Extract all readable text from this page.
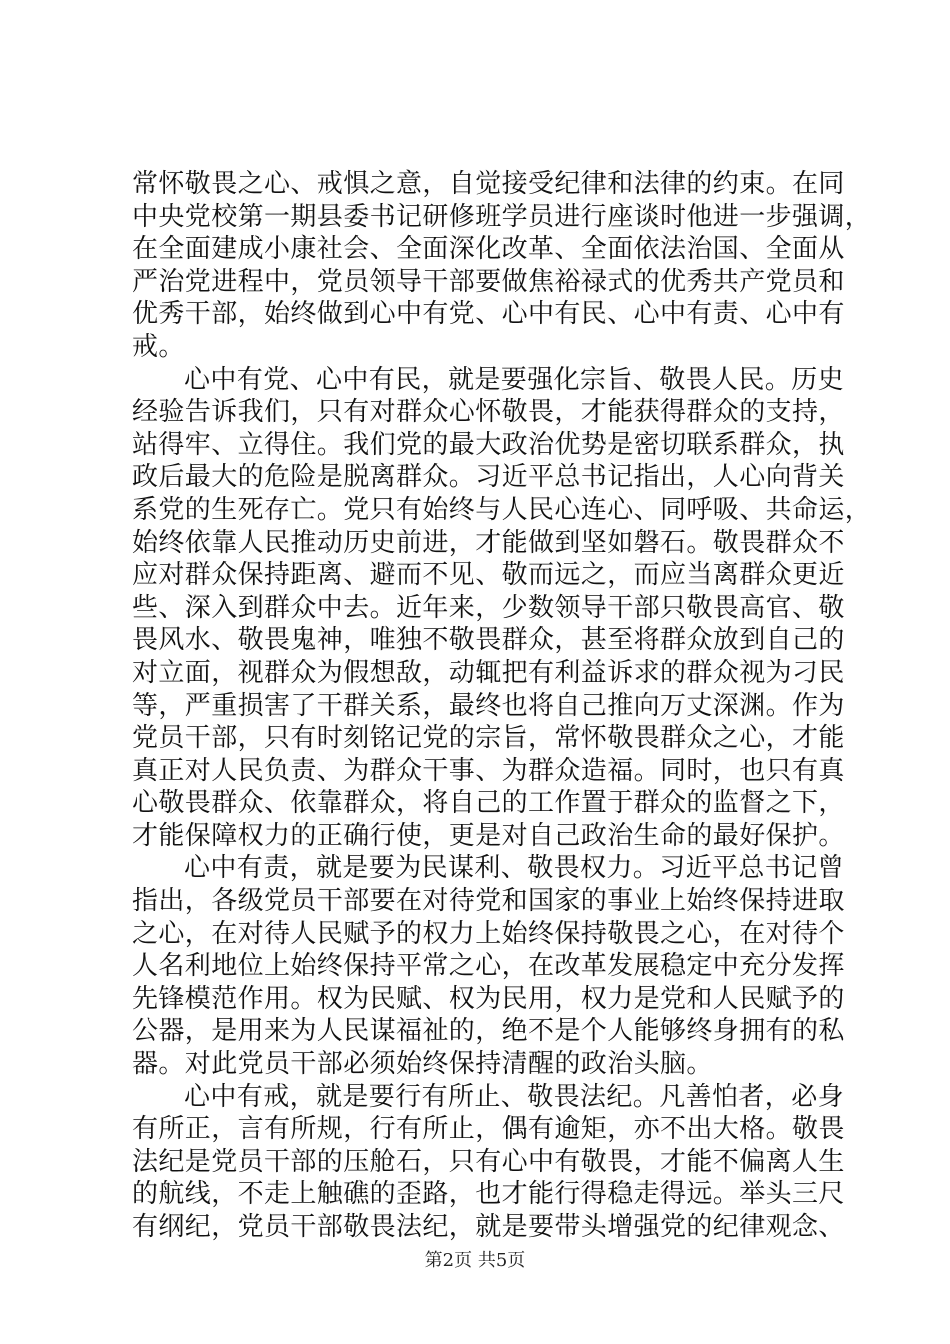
常怀敬畏之心、戒惧之意，自觉接受纪律和法律的约束。在同
中央党校第一期县委书记研修班学员进行座谈时他进一步强调，
在全面建成小康社会、全面深化改革、全面依法治国、全面从
严治党进程中，党员领导干部要做焦裕禄式的优秀共产党员和
优秀干部，始终做到心中有党、心中有民、心中有责、心中有
戒。
心中有党、心中有民，就是要强化宗旨、敬畏人民。历史
经验告诉我们，只有对群众心怀敬畏，才能获得群众的支持，
站得牢、立得住。我们党的最大政治优势是密切联系群众，执
政后最大的危险是脱离群众。习近平总书记指出，人心向背关
系党的生死存亡。党只有始终与人民心连心、同呼吸、共命运，
始终依靠人民推动历史前进，才能做到坚如磐石。敬畏群众不
应对群众保持距离、避而不见、敬而远之，而应当离群众更近
些、深入到群众中去。近年来，少数领导干部只敬畏高官、敬
畏风水、敬畏鬼神，唯独不敬畏群众，甚至将群众放到自己的
对立面，视群众为假想敌，动辄把有利益诉求的群众视为刁民
等，严重损害了干群关系，最终也将自己推向万丈深渊。作为
党员干部，只有时刻铭记党的宗旨，常怀敬畏群众之心，才能
真正对人民负责、为群众干事、为群众造福。同时，也只有真
心敬畏群众、依靠群众，将自己的工作置于群众的监督之下，
才能保障权力的正确行使，更是对自己政治生命的最好保护。
心中有责，就是要为民谋利、敬畏权力。习近平总书记曾
指出，各级党员干部要在对待党和国家的事业上始终保持进取
之心，在对待人民赋予的权力上始终保持敬畏之心，在对待个
人名利地位上始终保持平常之心，在改革发展稳定中充分发挥
先锋模范作用。权为民赋、权为民用，权力是党和人民赋予的
公器，是用来为人民谋福祉的，绝不是个人能够终身拥有的私
器。对此党员干部必须始终保持清醒的政治头脑。
心中有戒，就是要行有所止、敬畏法纪。凡善怕者，必身
有所正，言有所规，行有所止，偶有逾矩，亦不出大格。敬畏
法纪是党员干部的压舱石，只有心中有敬畏，才能不偏离人生
的航线，不走上触礁的歪路，也才能行得稳走得远。举头三尺
有纲纪，党员干部敬畏法纪，就是要带头增强党的纪律观念、
第2页 共5页
